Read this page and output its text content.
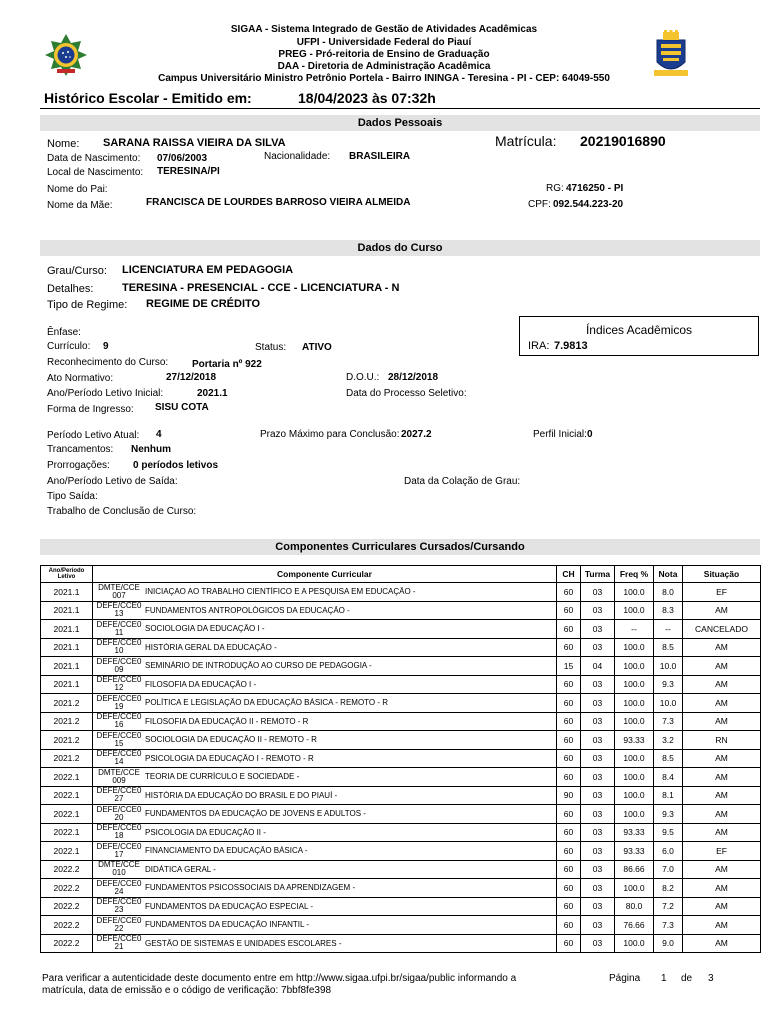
SIGAA - Sistema Integrado de Gestão de Atividades Acadêmicas
UFPI - Universidade Federal do Piauí
PREG - Pró-reitoria de Ensino de Graduação
DAA - Diretoria de Administração Acadêmica
Campus Universitário Ministro Petrônio Portela - Bairro ININGA - Teresina - PI - CEP: 64049-550
Histórico Escolar - Emitido em:	18/04/2023 às 07:32h
Dados Pessoais
Nome: SARANA RAISSA VIEIRA DA SILVA	Matrícula: 20219016890
Data de Nascimento: 07/06/2003	Nacionalidade: BRASILEIRA
Local de Nascimento: TERESINA/PI
Nome do Pai:	RG: 4716250 - PI
Nome da Mãe:	FRANCISCA DE LOURDES BARROSO VIEIRA ALMEIDA	CPF: 092.544.223-20
Dados do Curso
Grau/Curso: LICENCIATURA EM PEDAGOGIA
Detalhes:	TERESINA - PRESENCIAL - CCE - LICENCIATURA - N
Tipo de Regime: REGIME DE CRÉDITO
Índices Acadêmicos
IRA: 7.9813
Ênfase:
Currículo: 9	Status: ATIVO
Reconhecimento do Curso: Portaria nº 922
Ato Normativo:	27/12/2018	D.O.U.: 28/12/2018
Ano/Período Letivo Inicial:	2021.1	Data do Processo Seletivo:
Forma de Ingresso: SISU COTA
Período Letivo Atual: 4	Prazo Máximo para Conclusão: 2027.2	Perfil Inicial: 0
Trancamentos: Nenhum
Prorrogações: 0 períodos letivos
Ano/Período Letivo de Saída:	Data da Colação de Grau:
Tipo Saída:
Trabalho de Conclusão de Curso:
Componentes Curriculares Cursados/Cursando
Ano/Período Letivo	Componente Curricular	CH	Turma	Freq %	Nota	Situação
2021.1	DMTE/CCE 007 INICIAÇAO AO TRABALHO CIENTÍFICO E A PESQUISA EM EDUCAÇÃO -	60	03	100.0	8.0	EF
2021.1	DEFE/CCE0 13 FUNDAMENTOS ANTROPOLÓGICOS DA EDUCAÇÃO -	60	03	100.0	8.3	AM
2021.1	DEFE/CCE0 11 SOCIOLOGIA DA EDUCAÇÃO I -	60	03	--	--	CANCELADO
2021.1	DEFE/CCE0 10 HISTÓRIA GERAL DA EDUCAÇÃO -	60	03	100.0	8.5	AM
2021.1	DEFE/CCE0 09 SEMINÁRIO DE INTRODUÇÃO AO CURSO DE PEDAGOGIA -	15	04	100.0	10.0	AM
2021.1	DEFE/CCE0 12 FILOSOFIA DA EDUCAÇÃO I -	60	03	100.0	9.3	AM
2021.2	DEFE/CCE0 19 POLÍTICA E LEGISLAÇÃO DA EDUCAÇÃO BÁSICA - REMOTO - R	60	03	100.0	10.0	AM
2021.2	DEFE/CCE0 16 FILOSOFIA DA EDUCAÇÃO II - REMOTO - R	60	03	100.0	7.3	AM
2021.2	DEFE/CCE0 15 SOCIOLOGIA DA EDUCAÇÃO II - REMOTO - R	60	03	93.33	3.2	RN
2021.2	DEFE/CCE0 14 PSICOLOGIA DA EDUCAÇÃO I - REMOTO - R	60	03	100.0	8.5	AM
2022.1	DMTE/CCE 009 TEORIA DE CURRÍCULO E SOCIEDADE -	60	03	100.0	8.4	AM
2022.1	DEFE/CCE0 27 HISTÓRIA DA EDUCAÇÃO DO BRASIL E DO PIAUÍ -	90	03	100.0	8.1	AM
2022.1	DEFE/CCE0 20 FUNDAMENTOS DA EDUCAÇÃO DE JOVENS E ADULTOS -	60	03	100.0	9.3	AM
2022.1	DEFE/CCE0 18 PSICOLOGIA DA EDUCAÇÃO II -	60	03	93.33	9.5	AM
2022.1	DEFE/CCE0 17 FINANCIAMENTO DA EDUCAÇÃO BÁSICA -	60	03	93.33	6.0	EF
2022.2	DMTE/CCE 010 DIDÁTICA GERAL -	60	03	86.66	7.0	AM
2022.2	DEFE/CCE0 24 FUNDAMENTOS PSICOSSOCIAIS DA APRENDIZAGEM -	60	03	100.0	8.2	AM
2022.2	DEFE/CCE0 23 FUNDAMENTOS DA EDUCAÇÃO ESPECIAL -	60	03	80.0	7.2	AM
2022.2	DEFE/CCE0 22 FUNDAMENTOS DA EDUCAÇÃO INFANTIL -	60	03	76.66	7.3	AM
2022.2	DEFE/CCE0 21 GESTÃO DE SISTEMAS E UNIDADES ESCOLARES -	60	03	100.0	9.0	AM
Para verificar a autenticidade deste documento entre em http://www.sigaa.ufpi.br/sigaa/public informando a
matrícula, data de emissão e o código de verificação: 7bbf8fe398
Página 1 de 3
